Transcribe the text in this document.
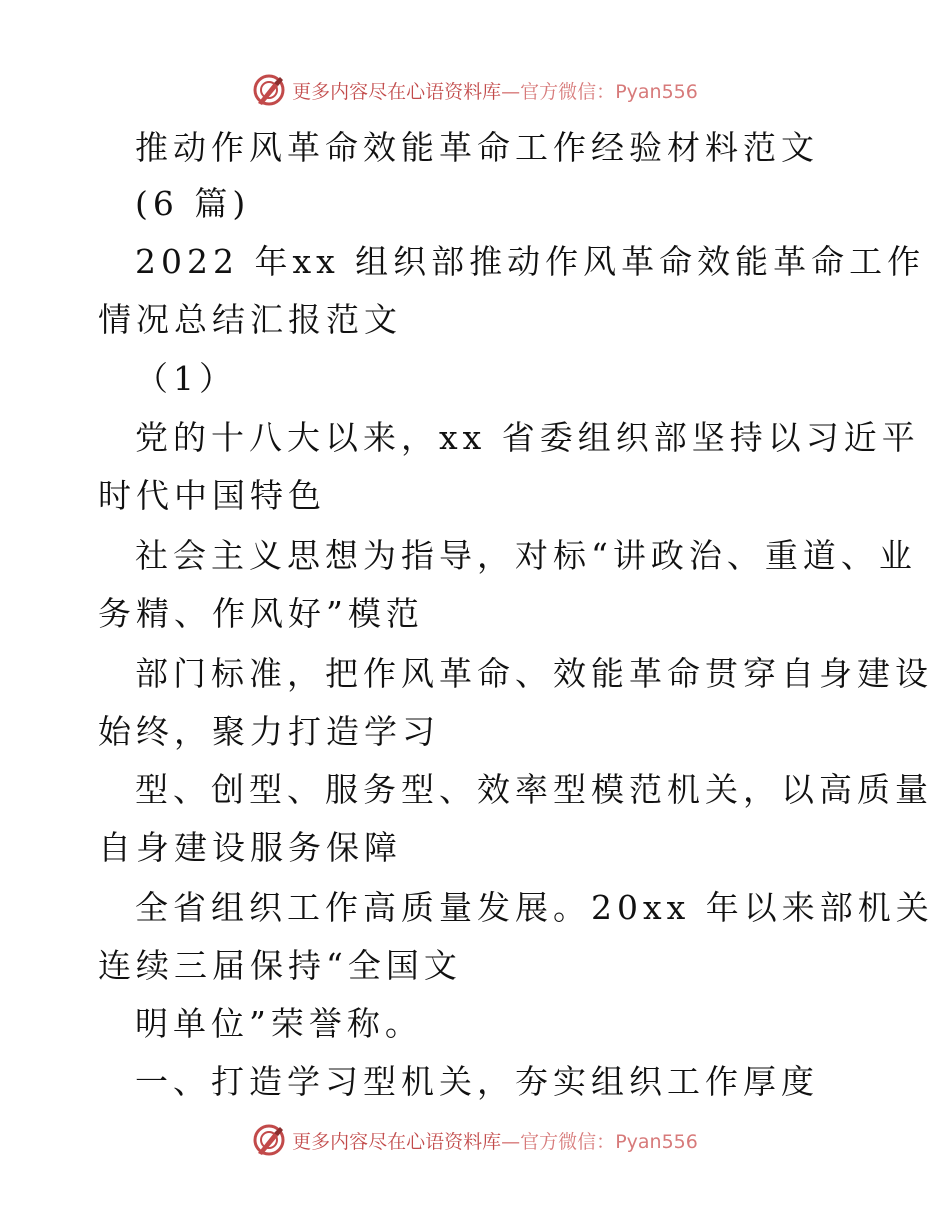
更多内容尽在心语资料库—官方微信：Pyan556
推动作风革命效能革命工作经验材料范文
(6 篇)
2022 年xx 组织部推动作风革命效能革命工作
情况总结汇报范文
（1）
党的十八大以来，xx 省委组织部坚持以习近平
时代中国特色
社会主义思想为指导，对标“讲政治、重道、业
务精、作风好”模范
部门标准，把作风革命、效能革命贯穿自身建设
始终，聚力打造学习
型、创型、服务型、效率型模范机关，以高质量
自身建设服务保障
全省组织工作高质量发展。20xx 年以来部机关
连续三届保持“全国文
明单位”荣誉称。
一、打造学习型机关，夯实组织工作厚度
更多内容尽在心语资料库—官方微信：Pyan556
